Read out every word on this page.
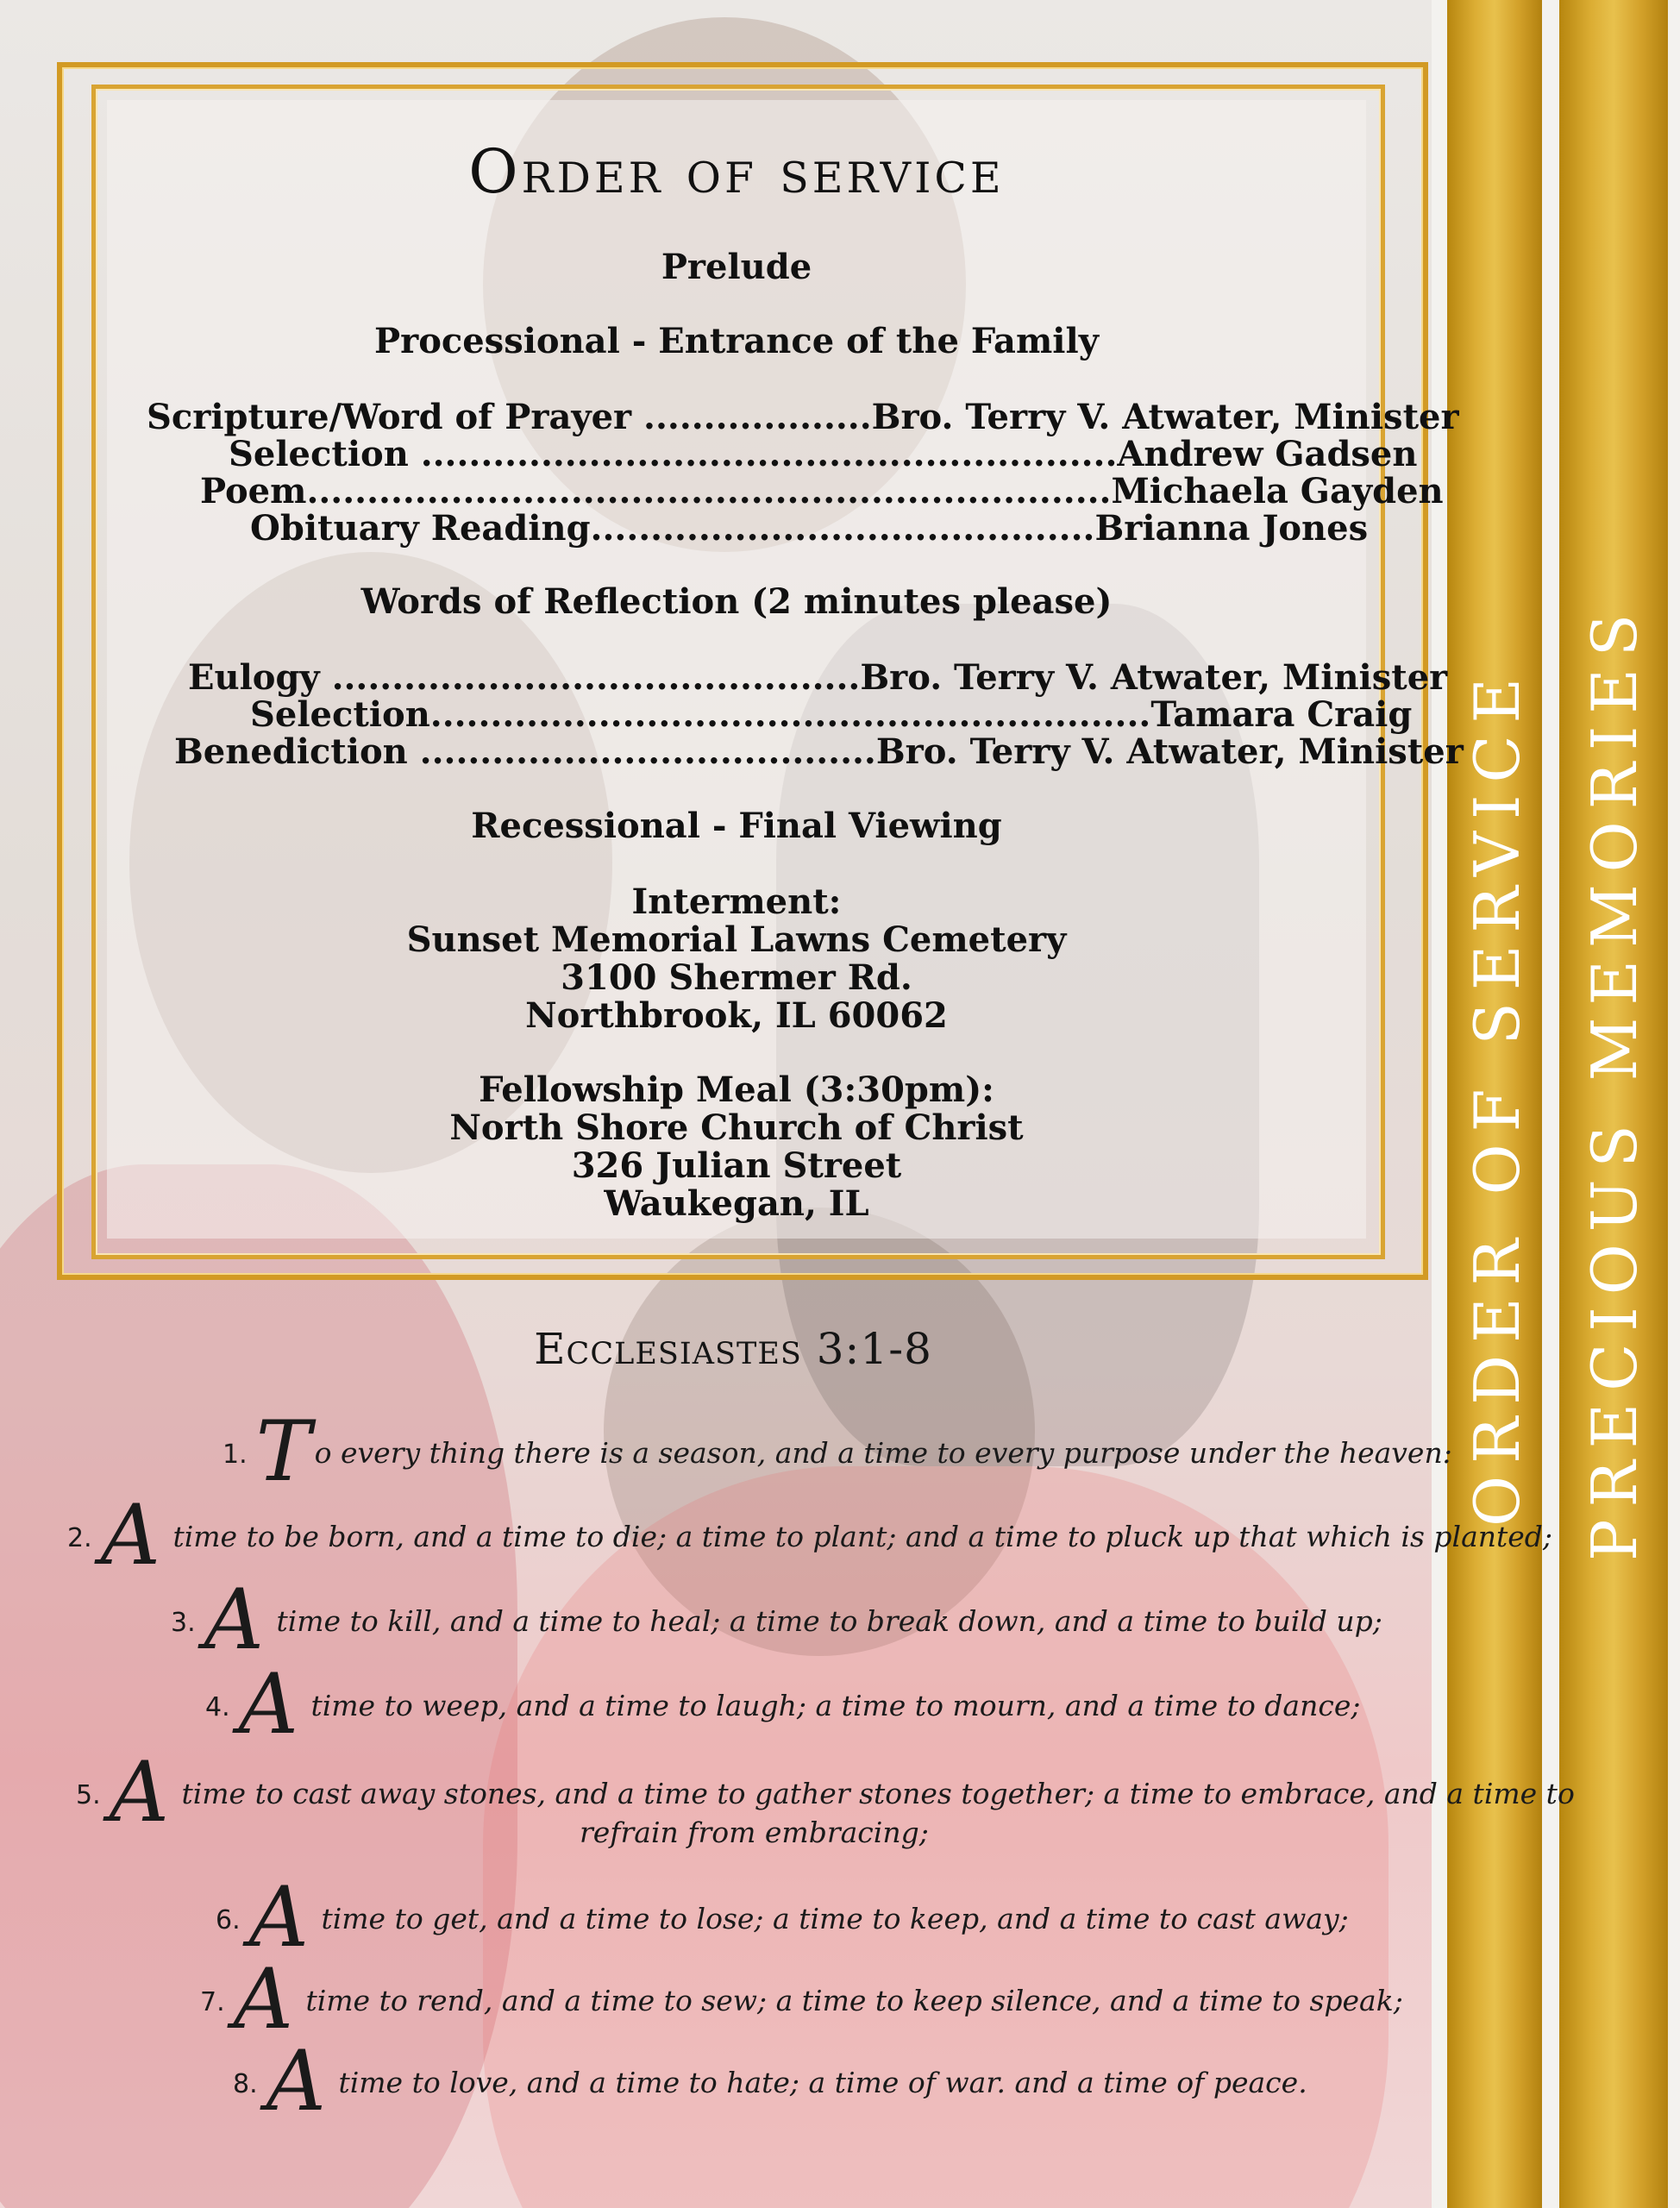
ORDER OF SERVICE PRECIOUS MEMORIES
Order of service
Prelude
Processional - Entrance of the Family
Scripture/Word of Prayer ...................Bro. Terry V. Atwater, Minister
Selection ..........................................................Andrew Gadsen
Poem...................................................................Michaela Gayden
Obituary Reading..........................................Brianna Jones
Words of Reflection (2 minutes please)
Eulogy ............................................Bro. Terry V. Atwater, Minister
Selection............................................................Tamara Craig
Benediction ......................................Bro. Terry V. Atwater, Minister
Recessional - Final Viewing
Interment:
Sunset Memorial Lawns Cemetery
3100 Shermer Rd.
Northbrook, IL 60062
Fellowship Meal (3:30pm):
North Shore Church of Christ
326 Julian Street
Waukegan, IL
Ecclesiastes 3:1-8
1. T o every thing there is a season, and a time to every purpose under the heaven:
2. A time to be born, and a time to die; a time to plant; and a time to pluck up that which is planted;
3. A time to kill, and a time to heal; a time to break down, and a time to build up;
4. A time to weep, and a time to laugh; a time to mourn, and a time to dance;
5. A time to cast away stones, and a time to gather stones together; a time to embrace, and a time to
refrain from embracing;
6. A time to get, and a time to lose; a time to keep, and a time to cast away;
7. A time to rend, and a time to sew; a time to keep silence, and a time to speak;
8. A time to love, and a time to hate; a time of war. and a time of peace.
